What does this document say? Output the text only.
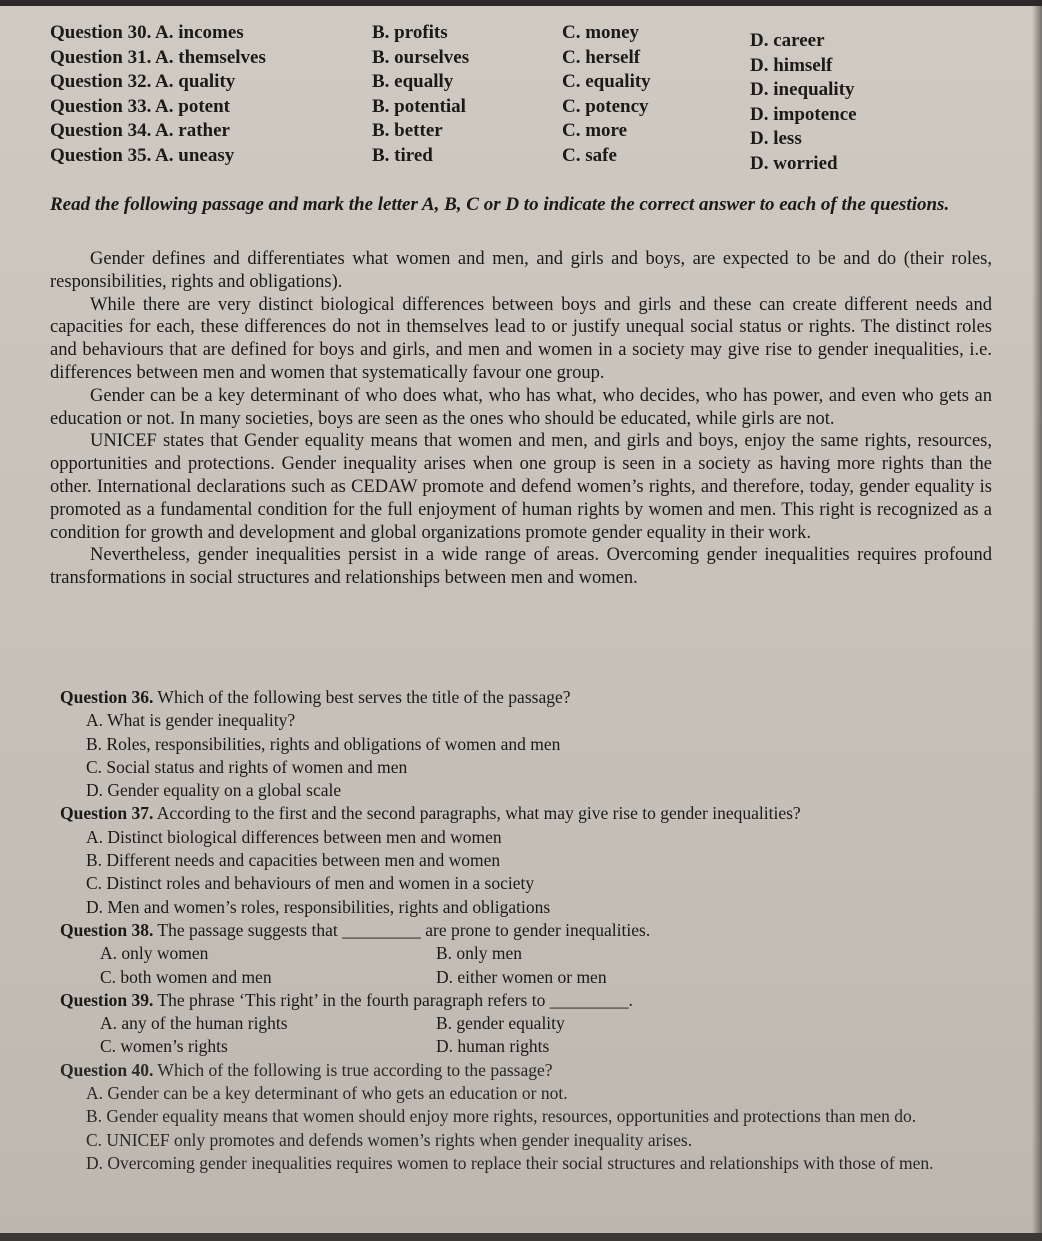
Question 30. A. incomes	B. profits	C. money	D. career
Question 31. A. themselves	B. ourselves	C. herself	D. himself
Question 32. A. quality	B. equally	C. equality	D. inequality
Question 33. A. potent	B. potential	C. potency	D. impotence
Question 34. A. rather	B. better	C. more	D. less
Question 35. A. uneasy	B. tired	C. safe	D. worried
Read the following passage and mark the letter A, B, C or D to indicate the correct answer to each of the questions.

Gender defines and differentiates what women and men, and girls and boys, are expected to be and do (their roles, responsibilities, rights and obligations).

While there are very distinct biological differences between boys and girls and these can create different needs and capacities for each, these differences do not in themselves lead to or justify unequal social status or rights. The distinct roles and behaviours that are defined for boys and girls, and men and women in a society may give rise to gender inequalities, i.e. differences between men and women that systematically favour one group.

Gender can be a key determinant of who does what, who has what, who decides, who has power, and even who gets an education or not. In many societies, boys are seen as the ones who should be educated, while girls are not.

UNICEF states that Gender equality means that women and men, and girls and boys, enjoy the same rights, resources, opportunities and protections. Gender inequality arises when one group is seen in a society as having more rights than the other. International declarations such as CEDAW promote and defend women’s rights, and therefore, today, gender equality is promoted as a fundamental condition for the full enjoyment of human rights by women and men. This right is recognized as a condition for growth and development and global organizations promote gender equality in their work.

Nevertheless, gender inequalities persist in a wide range of areas. Overcoming gender inequalities requires profound transformations in social structures and relationships between men and women.

Question 36. Which of the following best serves the title of the passage?
A. What is gender inequality?
B. Roles, responsibilities, rights and obligations of women and men
C. Social status and rights of women and men
D. Gender equality on a global scale
Question 37. According to the first and the second paragraphs, what may give rise to gender inequalities?
A. Distinct biological differences between men and women
B. Different needs and capacities between men and women
C. Distinct roles and behaviours of men and women in a society
D. Men and women’s roles, responsibilities, rights and obligations
Question 38. The passage suggests that _________ are prone to gender inequalities.
A. only women	B. only men
C. both women and men	D. either women or men
Question 39. The phrase ‘This right’ in the fourth paragraph refers to _________.
A. any of the human rights	B. gender equality
C. women’s rights	D. human rights
Question 40. Which of the following is true according to the passage?
A. Gender can be a key determinant of who gets an education or not.
B. Gender equality means that women should enjoy more rights, resources, opportunities and protections than men do.
C. UNICEF only promotes and defends women’s rights when gender inequality arises.
D. Overcoming gender inequalities requires women to replace their social structures and relationships with those of men.
